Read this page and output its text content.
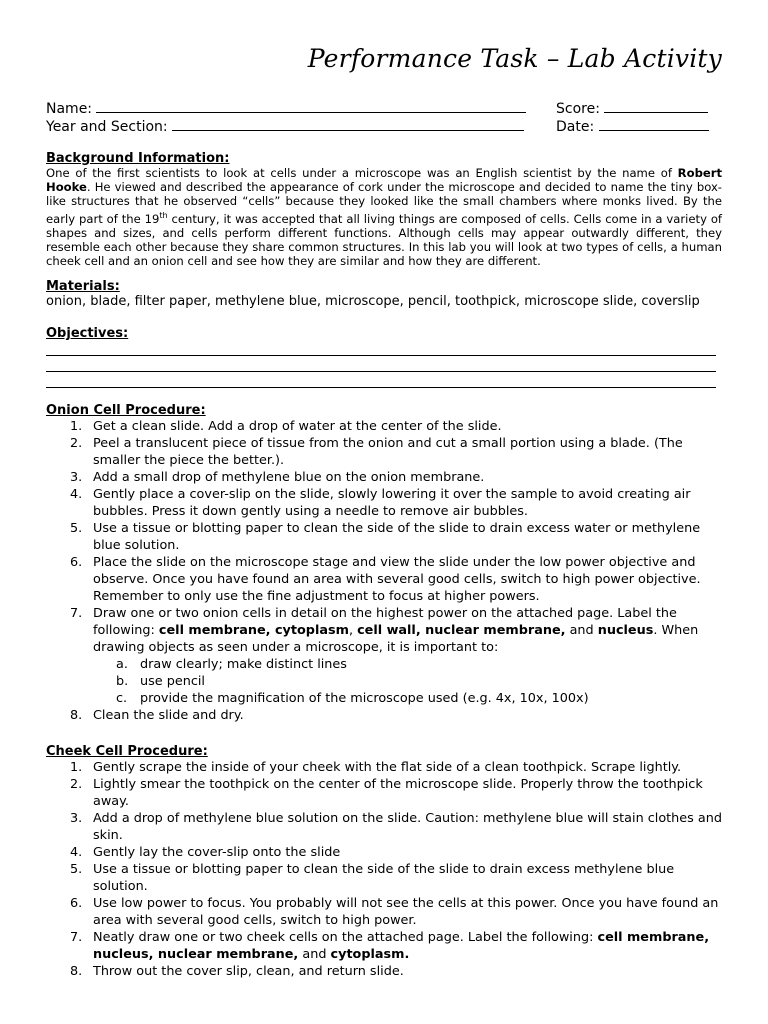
Performance Task – Lab Activity
Name:	Score:
Year and Section:	Date:
Background Information:

One of the first scientists to look at cells under a microscope was an English scientist by the name of Robert Hooke. He viewed and described the appearance of cork under the microscope and decided to name the tiny box-like structures that he observed “cells” because they looked like the small chambers where monks lived. By the early part of the 19th century, it was accepted that all living things are composed of cells. Cells come in a variety of shapes and sizes, and cells perform different functions. Although cells may appear outwardly different, they resemble each other because they share common structures. In this lab you will look at two types of cells, a human cheek cell and an onion cell and see how they are similar and how they are different.

Materials:

onion, blade, filter paper, methylene blue, microscope, pencil, toothpick, microscope slide, coverslip

Objectives:
Onion Cell Procedure:
1. Get a clean slide. Add a drop of water at the center of the slide.
2. Peel a translucent piece of tissue from the onion and cut a small portion using a blade. (The smaller the piece the better.).
3. Add a small drop of methylene blue on the onion membrane.
4. Gently place a cover-slip on the slide, slowly lowering it over the sample to avoid creating air bubbles. Press it down gently using a needle to remove air bubbles.
5. Use a tissue or blotting paper to clean the side of the slide to drain excess water or methylene blue solution.
6. Place the slide on the microscope stage and view the slide under the low power objective and observe. Once you have found an area with several good cells, switch to high power objective. Remember to only use the fine adjustment to focus at higher powers.
7. Draw one or two onion cells in detail on the highest power on the attached page. Label the following: cell membrane, cytoplasm, cell wall, nuclear membrane, and nucleus. When drawing objects as seen under a microscope, it is important to:
a. draw clearly; make distinct lines
b. use pencil
c. provide the magnification of the microscope used (e.g. 4x, 10x, 100x)
8. Clean the slide and dry.
Cheek Cell Procedure:
1. Gently scrape the inside of your cheek with the flat side of a clean toothpick. Scrape lightly.
2. Lightly smear the toothpick on the center of the microscope slide. Properly throw the toothpick away.
3. Add a drop of methylene blue solution on the slide. Caution: methylene blue will stain clothes and skin.
4. Gently lay the cover-slip onto the slide
5. Use a tissue or blotting paper to clean the side of the slide to drain excess methylene blue solution.
6. Use low power to focus. You probably will not see the cells at this power. Once you have found an area with several good cells, switch to high power.
7. Neatly draw one or two cheek cells on the attached page. Label the following: cell membrane, nucleus, nuclear membrane, and cytoplasm.
8. Throw out the cover slip, clean, and return slide.
